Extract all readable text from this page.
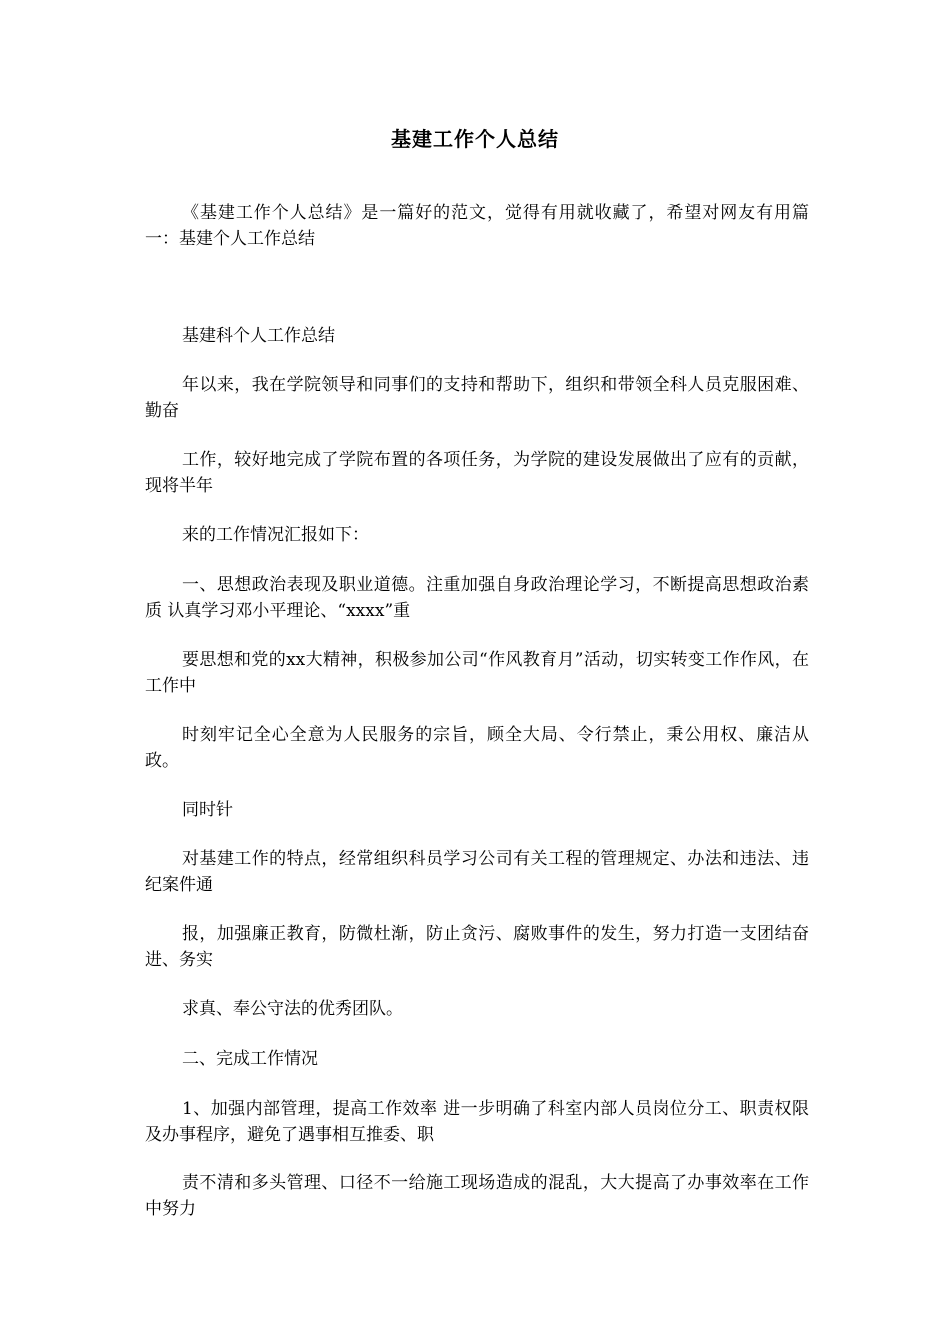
基建工作个人总结
《基建工作个人总结》是一篇好的范文，觉得有用就收藏了，希望对网友有用篇一：基建个人工作总结
基建科个人工作总结
年以来，我在学院领导和同事们的支持和帮助下，组织和带领全科人员克服困难、勤奋
工作，较好地完成了学院布置的各项任务，为学院的建设发展做出了应有的贡献，现将半年
来的工作情况汇报如下：
一、思想政治表现及职业道德。注重加强自身政治理论学习，不断提高思想政治素质 认真学习邓小平理论、“xxxx”重
要思想和党的xx大精神，积极参加公司“作风教育月”活动，切实转变工作作风，在工作中
时刻牢记全心全意为人民服务的宗旨，顾全大局、令行禁止，秉公用权、廉洁从政。
同时针
对基建工作的特点，经常组织科员学习公司有关工程的管理规定、办法和违法、违纪案件通
报，加强廉正教育，防微杜渐，防止贪污、腐败事件的发生，努力打造一支团结奋进、务实
求真、奉公守法的优秀团队。
二、完成工作情况
1、加强内部管理，提高工作效率 进一步明确了科室内部人员岗位分工、职责权限及办事程序，避免了遇事相互推委、职
责不清和多头管理、口径不一给施工现场造成的混乱，大大提高了办事效率在工作中努力
